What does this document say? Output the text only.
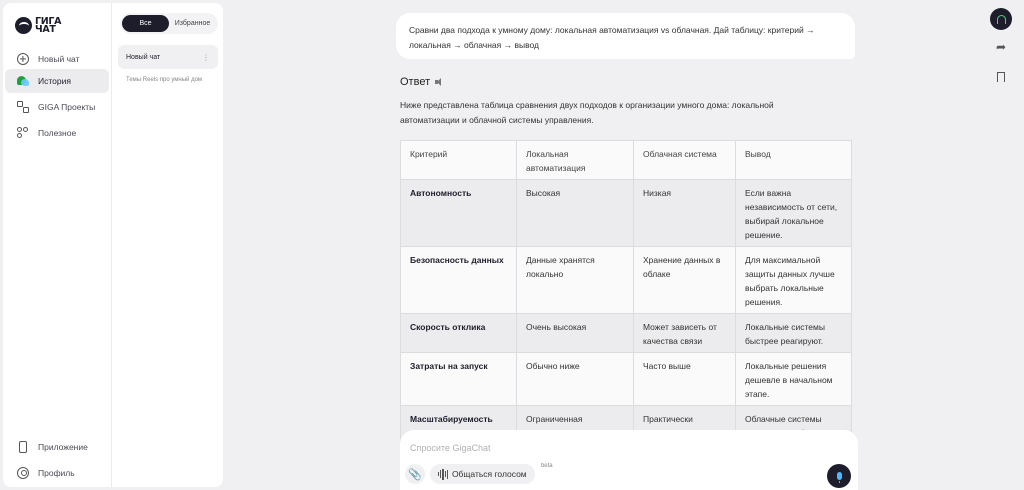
ГИГА
ЧАТ
Новый чат
История
GIGA Проекты
Полезное
Приложение
Профиль
Все	Избранное
Новый чат	⋮
Темы Reels про умный дом
Сравни два подхода к умному дому: локальная автоматизация vs облачная. Дай таблицу: критерий → локальная → облачная → вывод
Ответ
Ниже представлена таблица сравнения двух подходов к организации умного дома: локальной автоматизации и облачной системы управления.
Критерий	Локальная автоматизация	Облачная система	Вывод
Автономность	Высокая	Низкая	Если важна независимость от сети, выбирай локальное решение.
Безопасность данных	Данные хранятся локально	Хранение данных в облаке	Для максимальной защиты данных лучше выбрать локальные решения.
Скорость отклика	Очень высокая	Может зависеть от качества связи	Локальные системы быстрее реагируют.
Затраты на запуск	Обычно ниже	Часто выше	Локальные решения дешевле в начальном этапе.
Масштабируемость	Ограниченная	Практически	Облачные системы

Спросите GigaChat
📎	Общаться голосом
beta
➦
